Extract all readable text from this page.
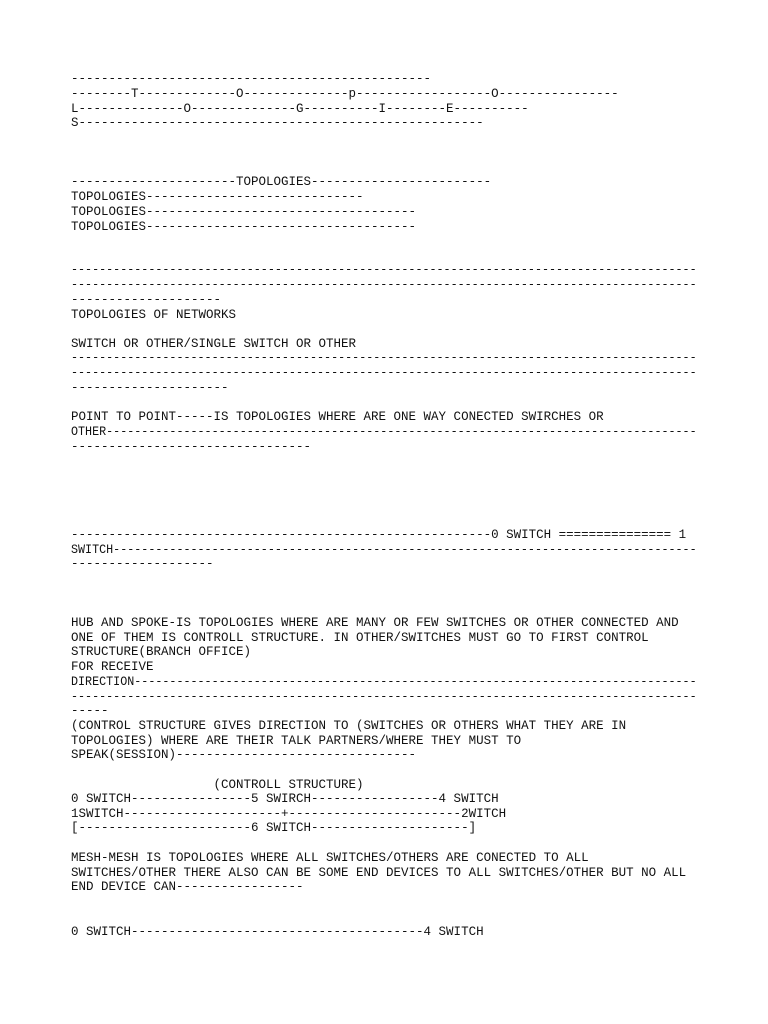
------------------------------------------------

--------T-------------O--------------p------------------O----------------

L--------------O--------------G----------I--------E----------

S------------------------------------------------------

----------------------TOPOLOGIES------------------------

TOPOLOGIES-----------------------------

TOPOLOGIES------------------------------------

TOPOLOGIES------------------------------------

-----------------------------------------------------------------------------------------

-----------------------------------------------------------------------------------------

--------------------

TOPOLOGIES OF NETWORKS

SWITCH OR OTHER/SINGLE SWITCH OR OTHER

-----------------------------------------------------------------------------------------

-----------------------------------------------------------------------------------------

---------------------

POINT TO POINT-----IS TOPOLOGIES WHERE ARE ONE WAY CONECTED SWIRCHES OR

OTHER------------------------------------------------------------------------------------

--------------------------------

--------------------------------------------------------0 SWITCH =============== 1

SWITCH-----------------------------------------------------------------------------------

-------------------

HUB AND SPOKE-IS TOPOLOGIES WHERE ARE MANY OR FEW SWITCHES OR OTHER CONNECTED AND

ONE OF THEM IS CONTROLL STRUCTURE. IN OTHER/SWITCHES MUST GO TO FIRST CONTROL

STRUCTURE(BRANCH OFFICE)

FOR RECEIVE

DIRECTION--------------------------------------------------------------------------------

-----------------------------------------------------------------------------------------

-----

(CONTROL STRUCTURE GIVES DIRECTION TO (SWITCHES OR OTHERS WHAT THEY ARE IN

TOPOLOGIES) WHERE ARE THEIR TALK PARTNERS/WHERE THEY MUST TO

SPEAK(SESSION)--------------------------------

(CONTROLL STRUCTURE)

0 SWITCH----------------5 SWIRCH-----------------4 SWITCH

1SWITCH---------------------+-----------------------2WITCH

[-----------------------6 SWITCH---------------------]

MESH-MESH IS TOPOLOGIES WHERE ALL SWITCHES/OTHERS ARE CONECTED TO ALL

SWITCHES/OTHER THERE ALSO CAN BE SOME END DEVICES TO ALL SWITCHES/OTHER BUT NO ALL

END DEVICE CAN-----------------

0 SWITCH---------------------------------------4 SWITCH
